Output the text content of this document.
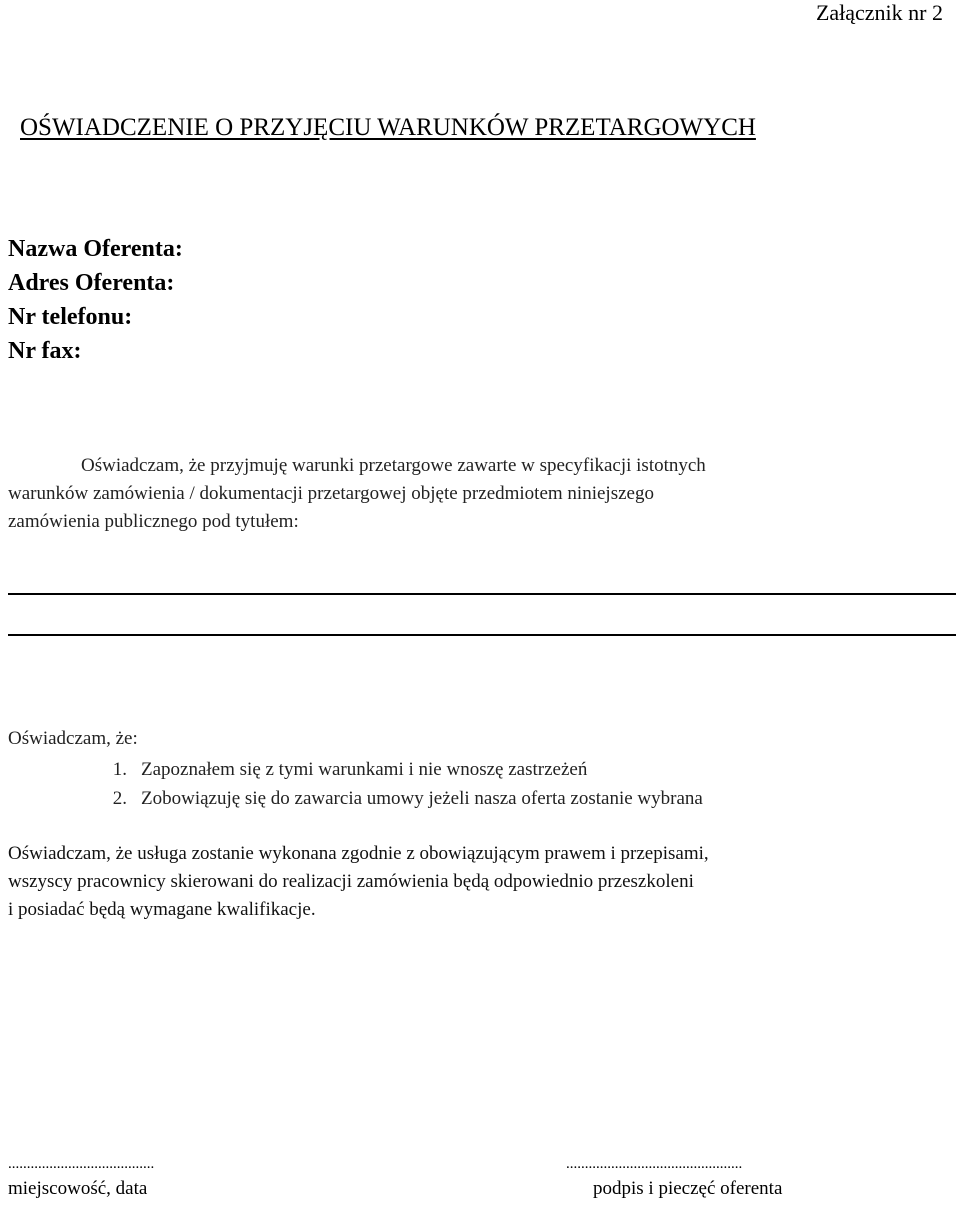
Załącznik nr 2
OŚWIADCZENIE O PRZYJĘCIU WARUNKÓW PRZETARGOWYCH
Nazwa Oferenta:
Adres Oferenta:
Nr telefonu:
Nr fax:
Oświadczam, że przyjmuję warunki przetargowe zawarte w specyfikacji istotnych
warunków zamówienia / dokumentacji przetargowej objęte przedmiotem niniejszego
zamówienia publicznego pod tytułem:
Oświadczam, że:
1. Zapoznałem się z tymi warunkami i nie wnoszę zastrzeżeń
2. Zobowiązuję się do zawarcia umowy jeżeli nasza oferta zostanie wybrana
Oświadczam, że usługa zostanie wykonana zgodnie z obowiązującym prawem i przepisami,
wszyscy pracownicy skierowani do realizacji zamówienia będą odpowiednio przeszkoleni
i posiadać będą wymagane kwalifikacje.
.......................................
miejscowość, data
...............................................
podpis i pieczęć oferenta
